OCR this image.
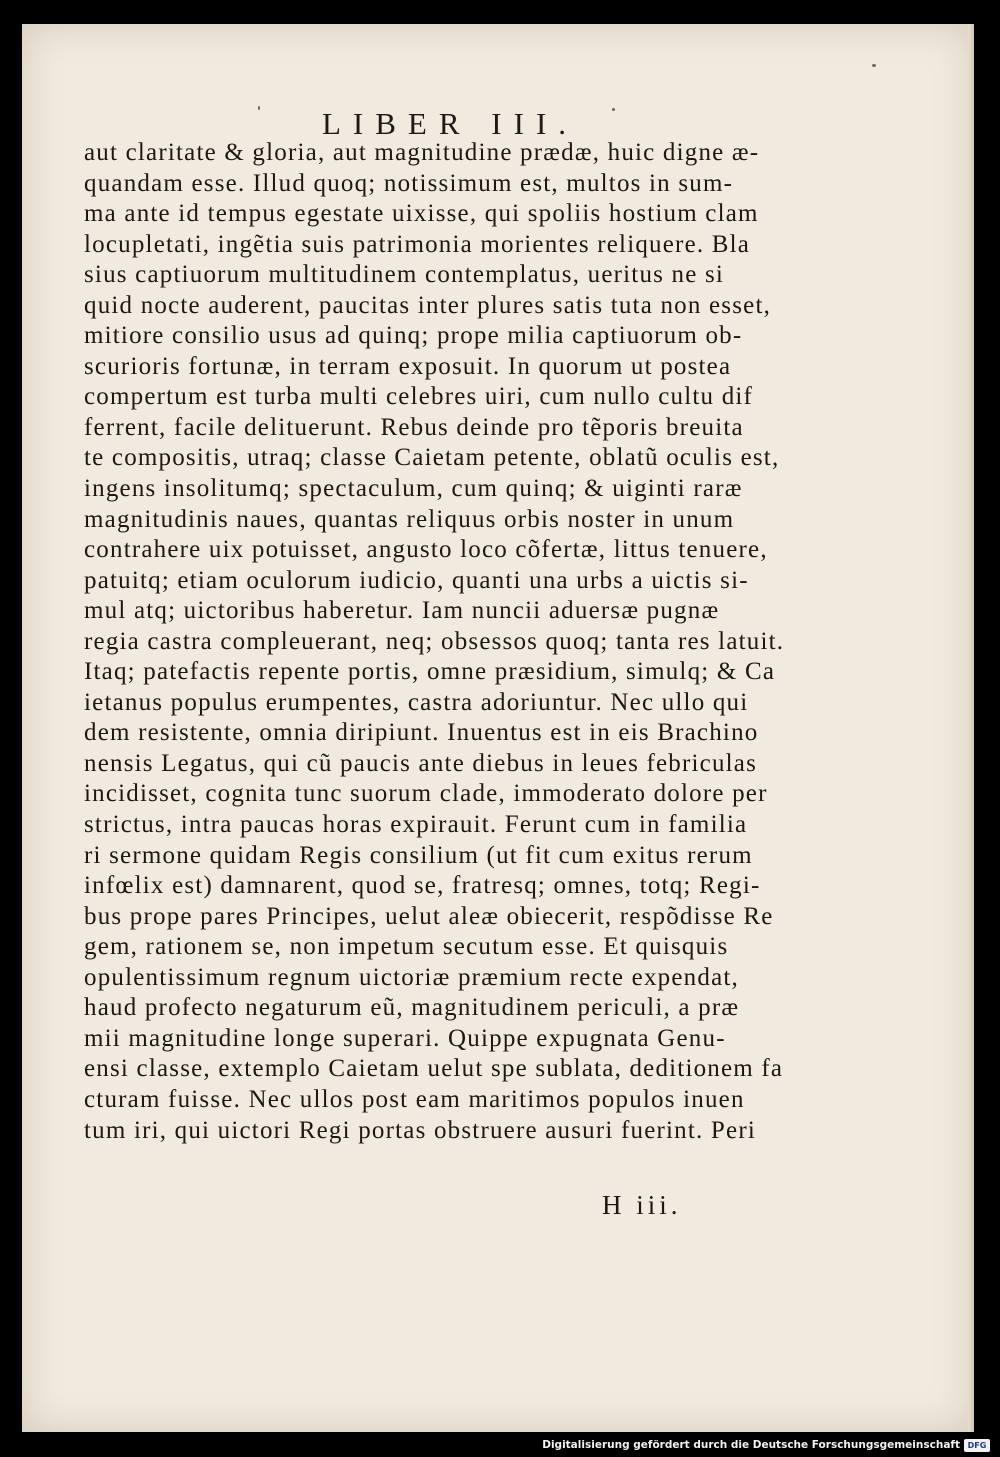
LIBER III.
aut claritate & gloria, aut magnitudine prædæ, huic digne æ-
quandam esse. Illud quoq; notissimum est, multos in sum-
ma ante id tempus egestate uixisse, qui spoliis hostium clam
locupletati, ingẽtia suis patrimonia morientes reliquere. Bla
sius captiuorum multitudinem contemplatus, ueritus ne si
quid nocte auderent, paucitas inter plures satis tuta non esset,
mitiore consilio usus ad quinq; prope milia captiuorum ob-
scurioris fortunæ, in terram exposuit. In quorum ut postea
compertum est turba multi celebres uiri, cum nullo cultu dif
ferrent, facile delituerunt. Rebus deinde pro tẽporis breuita
te compositis, utraq; classe Caietam petente, oblatũ oculis est,
ingens insolitumq; spectaculum, cum quinq; & uiginti raræ
magnitudinis naues, quantas reliquus orbis noster in unum
contrahere uix potuisset, angusto loco cõfertæ, littus tenuere,
patuitq; etiam oculorum iudicio, quanti una urbs a uictis si-
mul atq; uictoribus haberetur. Iam nuncii aduersæ pugnæ
regia castra compleuerant, neq; obsessos quoq; tanta res latuit.
Itaq; patefactis repente portis, omne præsidium, simulq; & Ca
ietanus populus erumpentes, castra adoriuntur. Nec ullo qui
dem resistente, omnia diripiunt. Inuentus est in eis Brachino
nensis Legatus, qui cũ paucis ante diebus in leues febriculas
incidisset, cognita tunc suorum clade, immoderato dolore per
strictus, intra paucas horas expirauit. Ferunt cum in familia
ri sermone quidam Regis consilium (ut fit cum exitus rerum
infœlix est) damnarent, quod se, fratresq; omnes, totq; Regi-
bus prope pares Principes, uelut aleæ obiecerit, respõdisse Re
gem, rationem se, non impetum secutum esse. Et quisquis
opulentissimum regnum uictoriæ præmium recte expendat,
haud profecto negaturum eũ, magnitudinem periculi, a præ
mii magnitudine longe superari. Quippe expugnata Genu-
ensi classe, extemplo Caietam uelut spe sublata, deditionem fa
cturam fuisse. Nec ullos post eam maritimos populos inuen
tum iri, qui uictori Regi portas obstruere ausuri fuerint. Peri
H iii.
Digitalisierung gefördert durch die Deutsche Forschungsgemeinschaft DFG
